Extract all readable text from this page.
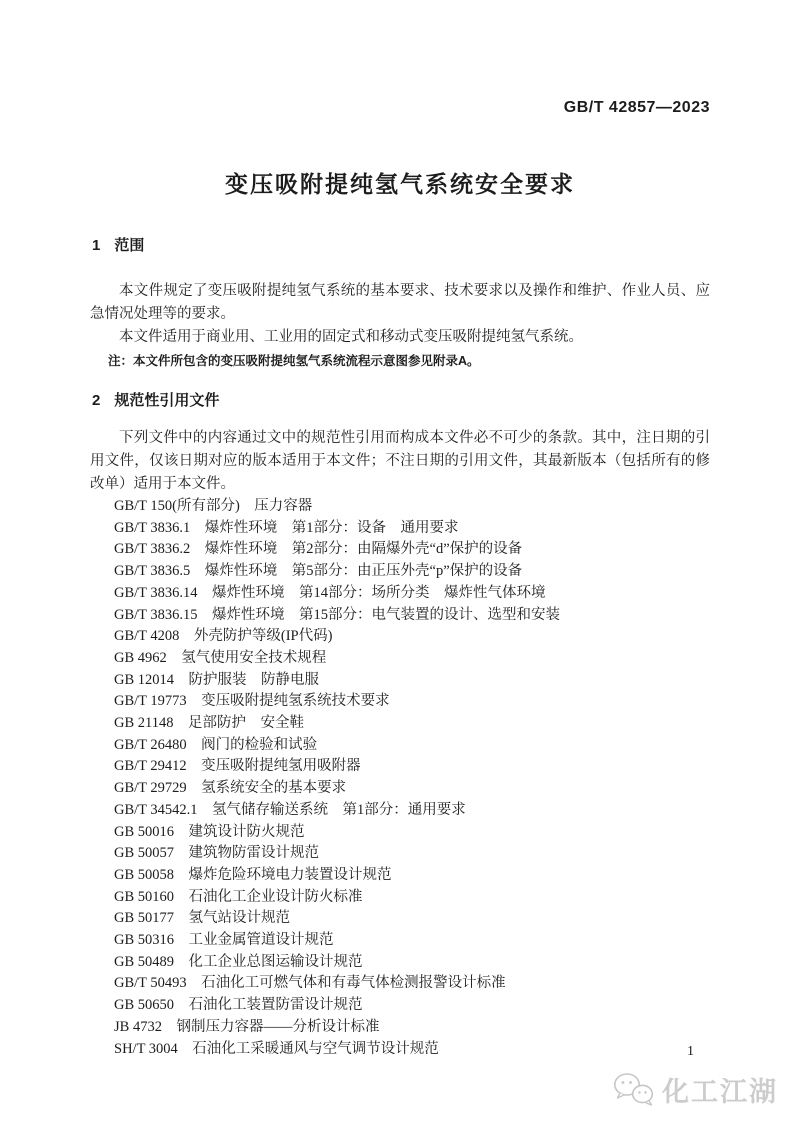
GB/T 42857—2023
变压吸附提纯氢气系统安全要求
1 范围

本文件规定了变压吸附提纯氢气系统的基本要求、技术要求以及操作和维护、作业人员、应急情况处理等的要求。

本文件适用于商业用、工业用的固定式和移动式变压吸附提纯氢气系统。

注：本文件所包含的变压吸附提纯氢气系统流程示意图参见附录A。

2 规范性引用文件

下列文件中的内容通过文中的规范性引用而构成本文件必不可少的条款。其中，注日期的引用文件，仅该日期对应的版本适用于本文件；不注日期的引用文件，其最新版本（包括所有的修改单）适用于本文件。

GB/T 150(所有部分)　压力容器
GB/T 3836.1　爆炸性环境　第1部分：设备　通用要求
GB/T 3836.2　爆炸性环境　第2部分：由隔爆外壳“d”保护的设备
GB/T 3836.5　爆炸性环境　第5部分：由正压外壳“p”保护的设备
GB/T 3836.14　爆炸性环境　第14部分：场所分类　爆炸性气体环境
GB/T 3836.15　爆炸性环境　第15部分：电气装置的设计、选型和安装
GB/T 4208　外壳防护等级(IP代码)
GB 4962　氢气使用安全技术规程
GB 12014　防护服装　防静电服
GB/T 19773　变压吸附提纯氢系统技术要求
GB 21148　足部防护　安全鞋
GB/T 26480　阀门的检验和试验
GB/T 29412　变压吸附提纯氢用吸附器
GB/T 29729　氢系统安全的基本要求
GB/T 34542.1　氢气储存输送系统　第1部分：通用要求
GB 50016　建筑设计防火规范
GB 50057　建筑物防雷设计规范
GB 50058　爆炸危险环境电力装置设计规范
GB 50160　石油化工企业设计防火标准
GB 50177　氢气站设计规范
GB 50316　工业金属管道设计规范
GB 50489　化工企业总图运输设计规范
GB/T 50493　石油化工可燃气体和有毒气体检测报警设计标准
GB 50650　石油化工装置防雷设计规范
JB 4732　钢制压力容器——分析设计标准
SH/T 3004　石油化工采暖通风与空气调节设计规范	1
化工江湖
